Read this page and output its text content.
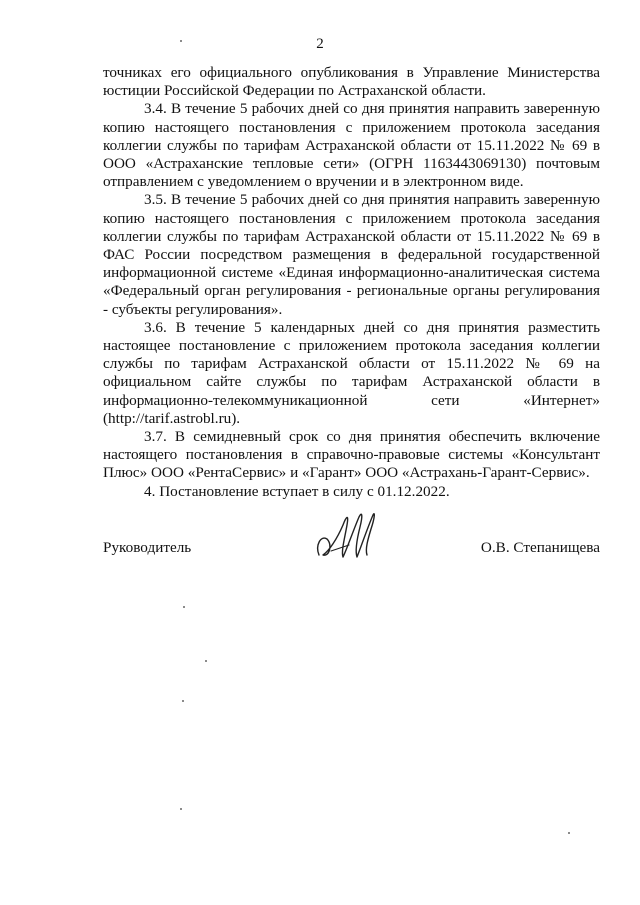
2

точниках его официального опубликования в Управление Министерства юстиции Российской Федерации по Астраханской области.

3.4. В течение 5 рабочих дней со дня принятия направить заверенную копию настоящего постановления с приложением протокола заседания коллегии службы по тарифам Астраханской области от 15.11.2022 № 69 в ООО «Астраханские тепловые сети» (ОГРН 1163443069130) почтовым отправлением с уведомлением о вручении и в электронном виде.

3.5. В течение 5 рабочих дней со дня принятия направить заверенную копию настоящего постановления с приложением протокола заседания коллегии службы по тарифам Астраханской области от 15.11.2022 № 69 в ФАС России посредством размещения в федеральной государственной информационной системе «Единая информационно-аналитическая система «Федеральный орган регулирования - региональные органы регулирования - субъекты регулирования».

3.6. В течение 5 календарных дней со дня принятия разместить настоящее постановление с приложением протокола заседания коллегии службы по тарифам Астраханской области от 15.11.2022 № 69 на официальном сайте службы по тарифам Астраханской области в информационно-телекоммуникационной сети «Интернет» (http://tarif.astrobl.ru).

3.7. В семидневный срок со дня принятия обеспечить включение настоящего постановления в справочно-правовые системы «Консультант Плюс» ООО «РентаСервис» и «Гарант» ООО «Астрахань-Гарант-Сервис».

4. Постановление вступает в силу с 01.12.2022.

Руководитель	О.В. Степанищева
